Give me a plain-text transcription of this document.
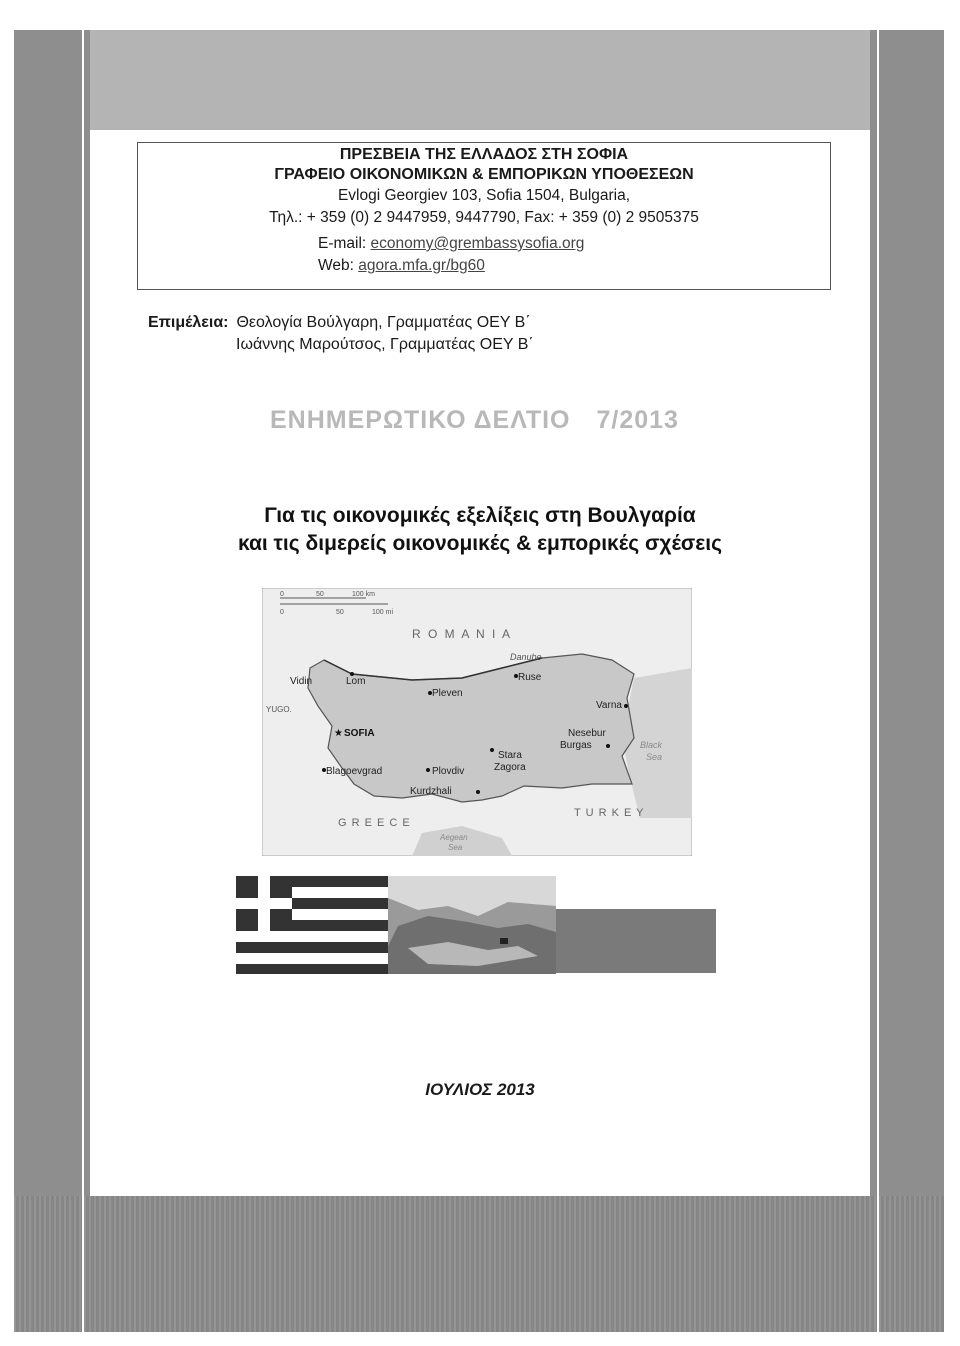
ΠΡΕΣΒΕΙΑ ΤΗΣ ΕΛΛΑΔΟΣ ΣΤΗ ΣΟΦΙΑ
ΓΡΑΦΕΙΟ ΟΙΚΟΝΟΜΙΚΩΝ & ΕΜΠΟΡΙΚΩΝ ΥΠΟΘΕΣΕΩΝ
Evlogi Georgiev 103, Sofia 1504, Bulgaria,
Τηλ.: + 359 (0) 2 9447959, 9447790, Fax: + 359 (0) 2 9505375
E-mail: economy@grembassysofia.org
Web: agora.mfa.gr/bg60
Επιμέλεια: Θεολογία Βούλγαρη, Γραμματέας ΟΕΥ Β΄
Ιωάννης Μαρούτσος, Γραμματέας ΟΕΥ Β΄
ΕΝΗΜΕΡΩΤΙΚΟ ΔΕΛΤΙΟ 7/2013
Για τις οικονομικές εξελίξεις στη Βουλγαρία
και τις διμερείς οικονομικές & εμπορικές σχέσεις
0	50	100 km
0	50	100 mi
R O M A N I A
Danube
Vidin	Lom	Ruse
Pleven
Varna
YUGO.
SOFIA	Nesebur
Burgas	Black
Sea
Stara
Zagora
Blagoevgrad	Plovdiv
Kurdzhali
G R E E C E
T U R K E Y
Aegean
Sea
★
ΙΟΥΛΙΟΣ 2013
